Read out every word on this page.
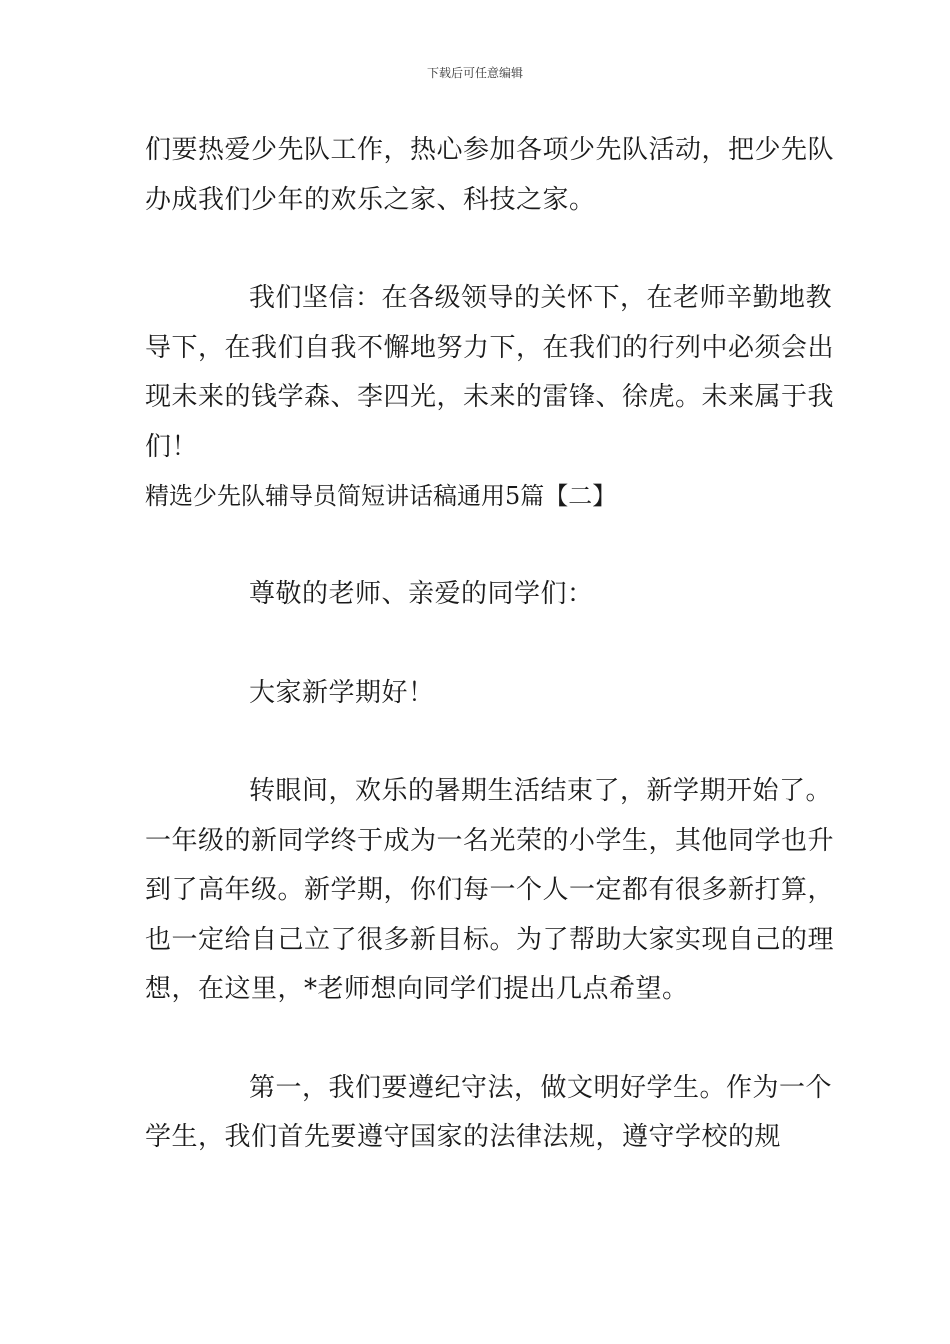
下载后可任意编辑

们要热爱少先队工作，热心参加各项少先队活动，把少先队办成我们少年的欢乐之家、科技之家。

我们坚信：在各级领导的关怀下，在老师辛勤地教导下，在我们自我不懈地努力下，在我们的行列中必须会出现未来的钱学森、李四光，未来的雷锋、徐虎。未来属于我们！

精选少先队辅导员简短讲话稿通用5篇【二】

尊敬的老师、亲爱的同学们：

大家新学期好！

转眼间，欢乐的暑期生活结束了，新学期开始了。一年级的新同学终于成为一名光荣的小学生，其他同学也升到了高年级。新学期，你们每一个人一定都有很多新打算，也一定给自己立了很多新目标。为了帮助大家实现自己的理想，在这里，*老师想向同学们提出几点希望。

第一，我们要遵纪守法，做文明好学生。作为一个学生，我们首先要遵守国家的法律法规，遵守学校的规
